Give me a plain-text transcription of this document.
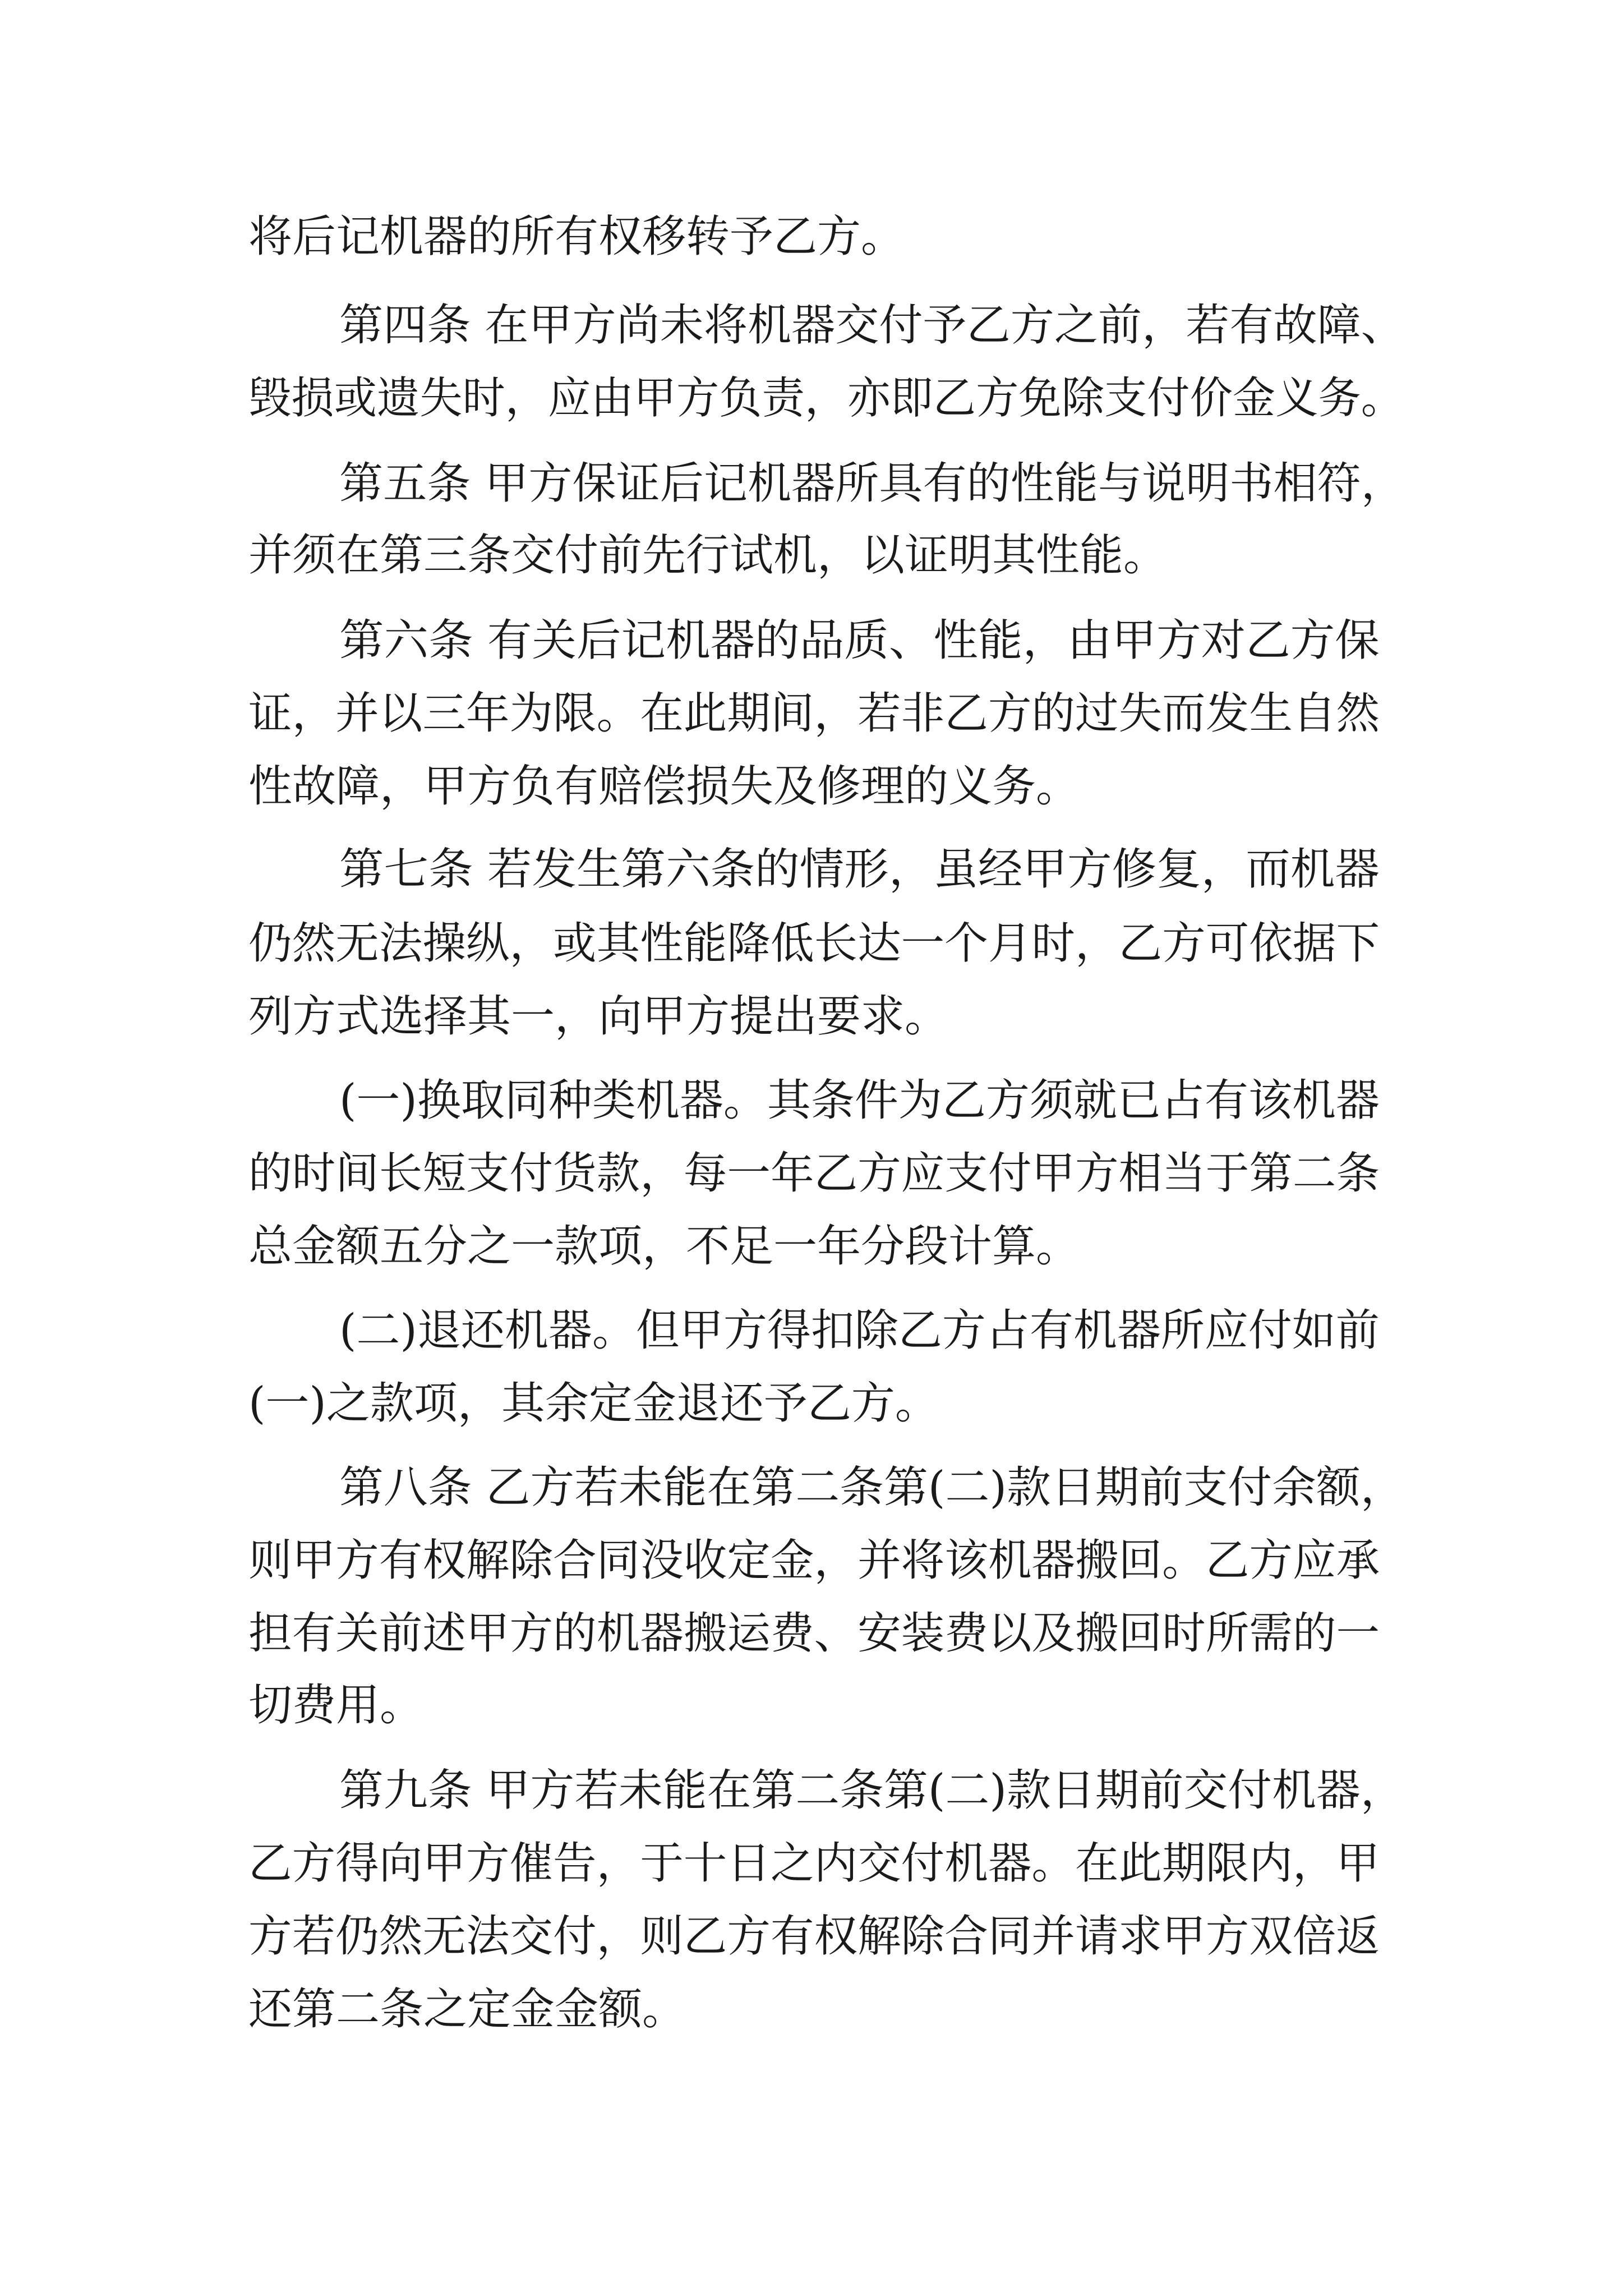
将后记机器的所有权移转予乙方。
第四条 在甲方尚未将机器交付予乙方之前，若有故障、
毁损或遗失时，应由甲方负责，亦即乙方免除支付价金义务。
第五条 甲方保证后记机器所具有的性能与说明书相符，
并须在第三条交付前先行试机，以证明其性能。
第六条 有关后记机器的品质、性能，由甲方对乙方保
证，并以三年为限。在此期间，若非乙方的过失而发生自然
性故障，甲方负有赔偿损失及修理的义务。
第七条 若发生第六条的情形，虽经甲方修复，而机器
仍然无法操纵，或其性能降低长达一个月时，乙方可依据下
列方式选择其一，向甲方提出要求。
(一)换取同种类机器。其条件为乙方须就已占有该机器
的时间长短支付货款，每一年乙方应支付甲方相当于第二条
总金额五分之一款项，不足一年分段计算。
(二)退还机器。但甲方得扣除乙方占有机器所应付如前
(一)之款项，其余定金退还予乙方。
第八条 乙方若未能在第二条第(二)款日期前支付余额，
则甲方有权解除合同没收定金，并将该机器搬回。乙方应承
担有关前述甲方的机器搬运费、安装费以及搬回时所需的一
切费用。
第九条 甲方若未能在第二条第(二)款日期前交付机器，
乙方得向甲方催告，于十日之内交付机器。在此期限内，甲
方若仍然无法交付，则乙方有权解除合同并请求甲方双倍返
还第二条之定金金额。
